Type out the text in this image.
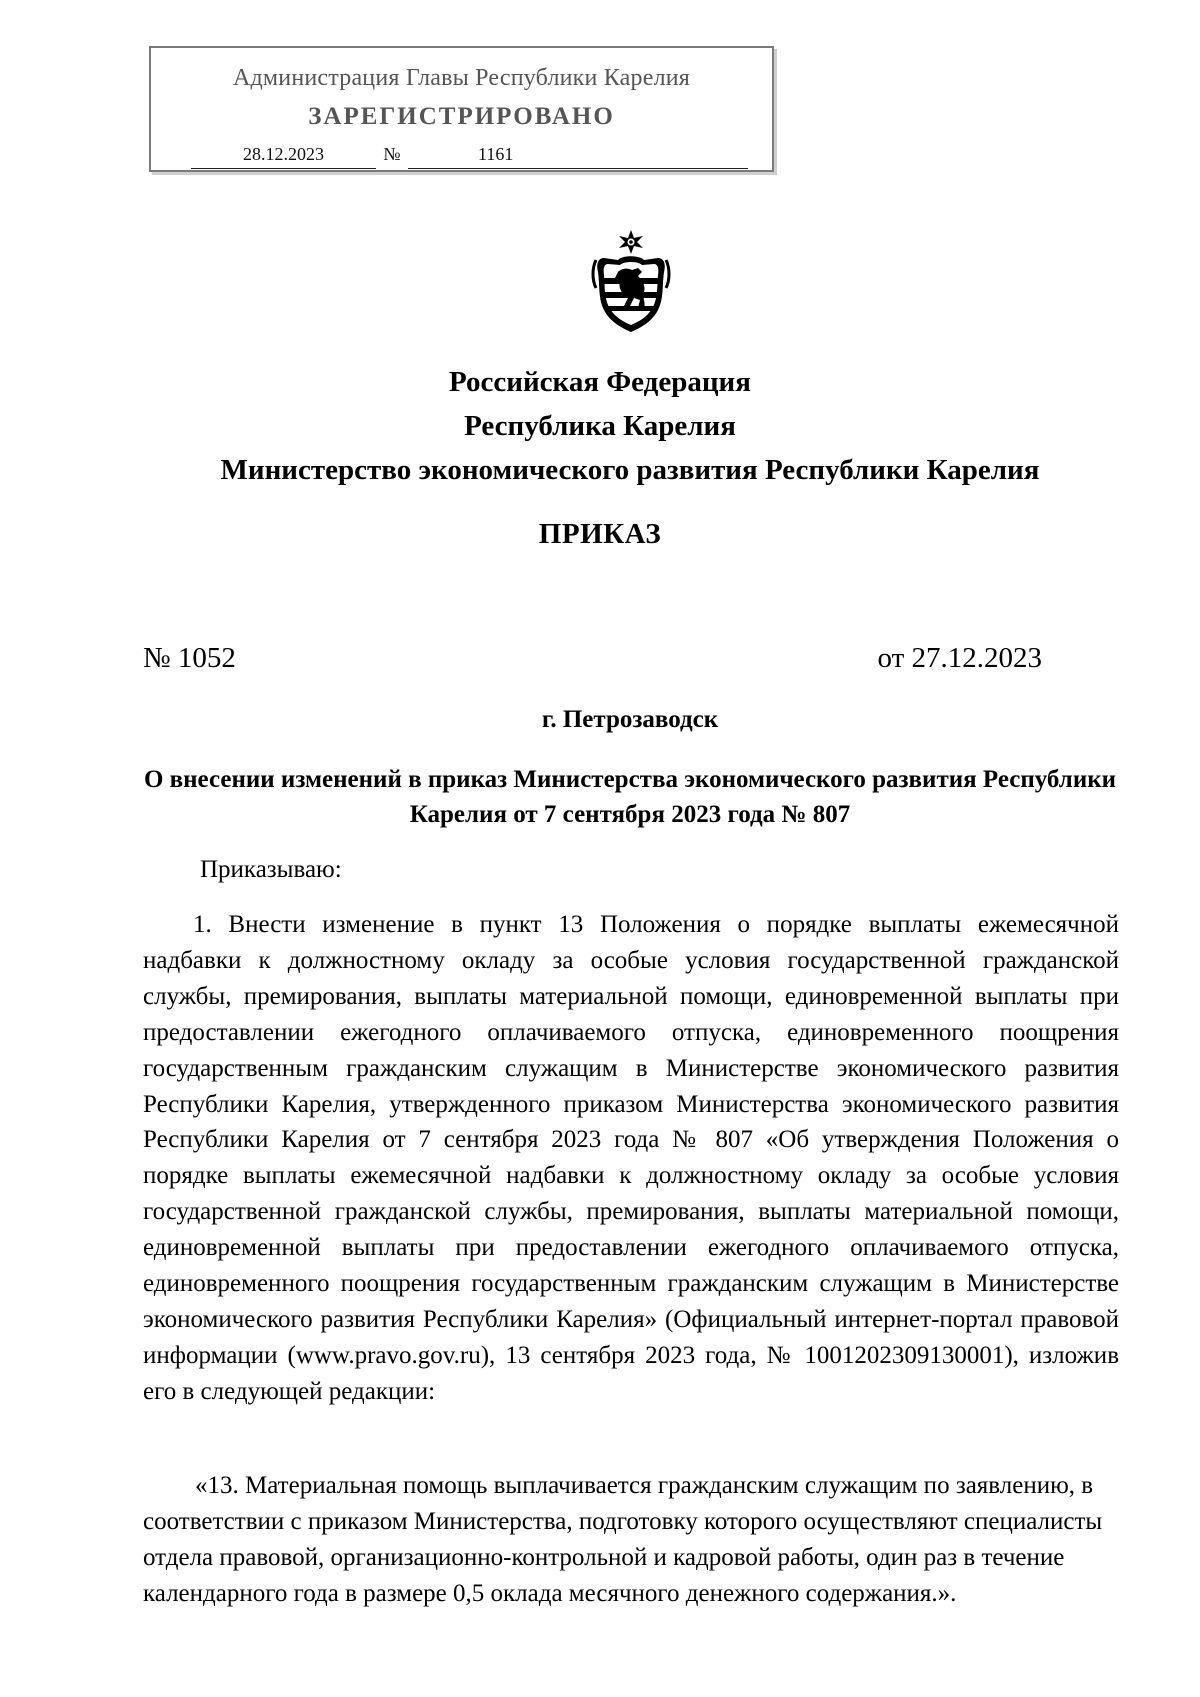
Администрация Главы Республики Карелия
ЗАРЕГИСТРИРОВАНО
28.12.2023	№	1161
Российская Федерация
Республика Карелия
Министерство экономического развития Республики Карелия
ПРИКАЗ
№ 1052	от 27.12.2023
г. Петрозаводск
О внесении изменений в приказ Министерства экономического развития Республики Карелия от 7 сентября 2023 года № 807
Приказываю:
1. Внести изменение в пункт 13 Положения о порядке выплаты ежемесячной надбавки к должностному окладу за особые условия государственной гражданской службы, премирования, выплаты материальной помощи, единовременной выплаты при предоставлении ежегодного оплачиваемого отпуска, единовременного поощрения государственным гражданским служащим в Министерстве экономического развития Республики Карелия, утвержденного приказом Министерства экономического развития Республики Карелия от 7 сентября 2023 года № 807 «Об утверждения Положения о порядке выплаты ежемесячной надбавки к должностному окладу за особые условия государственной гражданской службы, премирования, выплаты материальной помощи, единовременной выплаты при предоставлении ежегодного оплачиваемого отпуска, единовременного поощрения государственным гражданским служащим в Министерстве экономического развития Республики Карелия» (Официальный интернет-портал правовой информации (www.pravo.gov.ru), 13 сентября 2023 года, № 1001202309130001), изложив его в следующей редакции:
«13. Материальная помощь выплачивается гражданским служащим по заявлению, в соответствии с приказом Министерства, подготовку которого осуществляют специалисты отдела правовой, организационно-контрольной и кадровой работы, один раз в течение календарного года в размере 0,5 оклада месячного денежного содержания.».
